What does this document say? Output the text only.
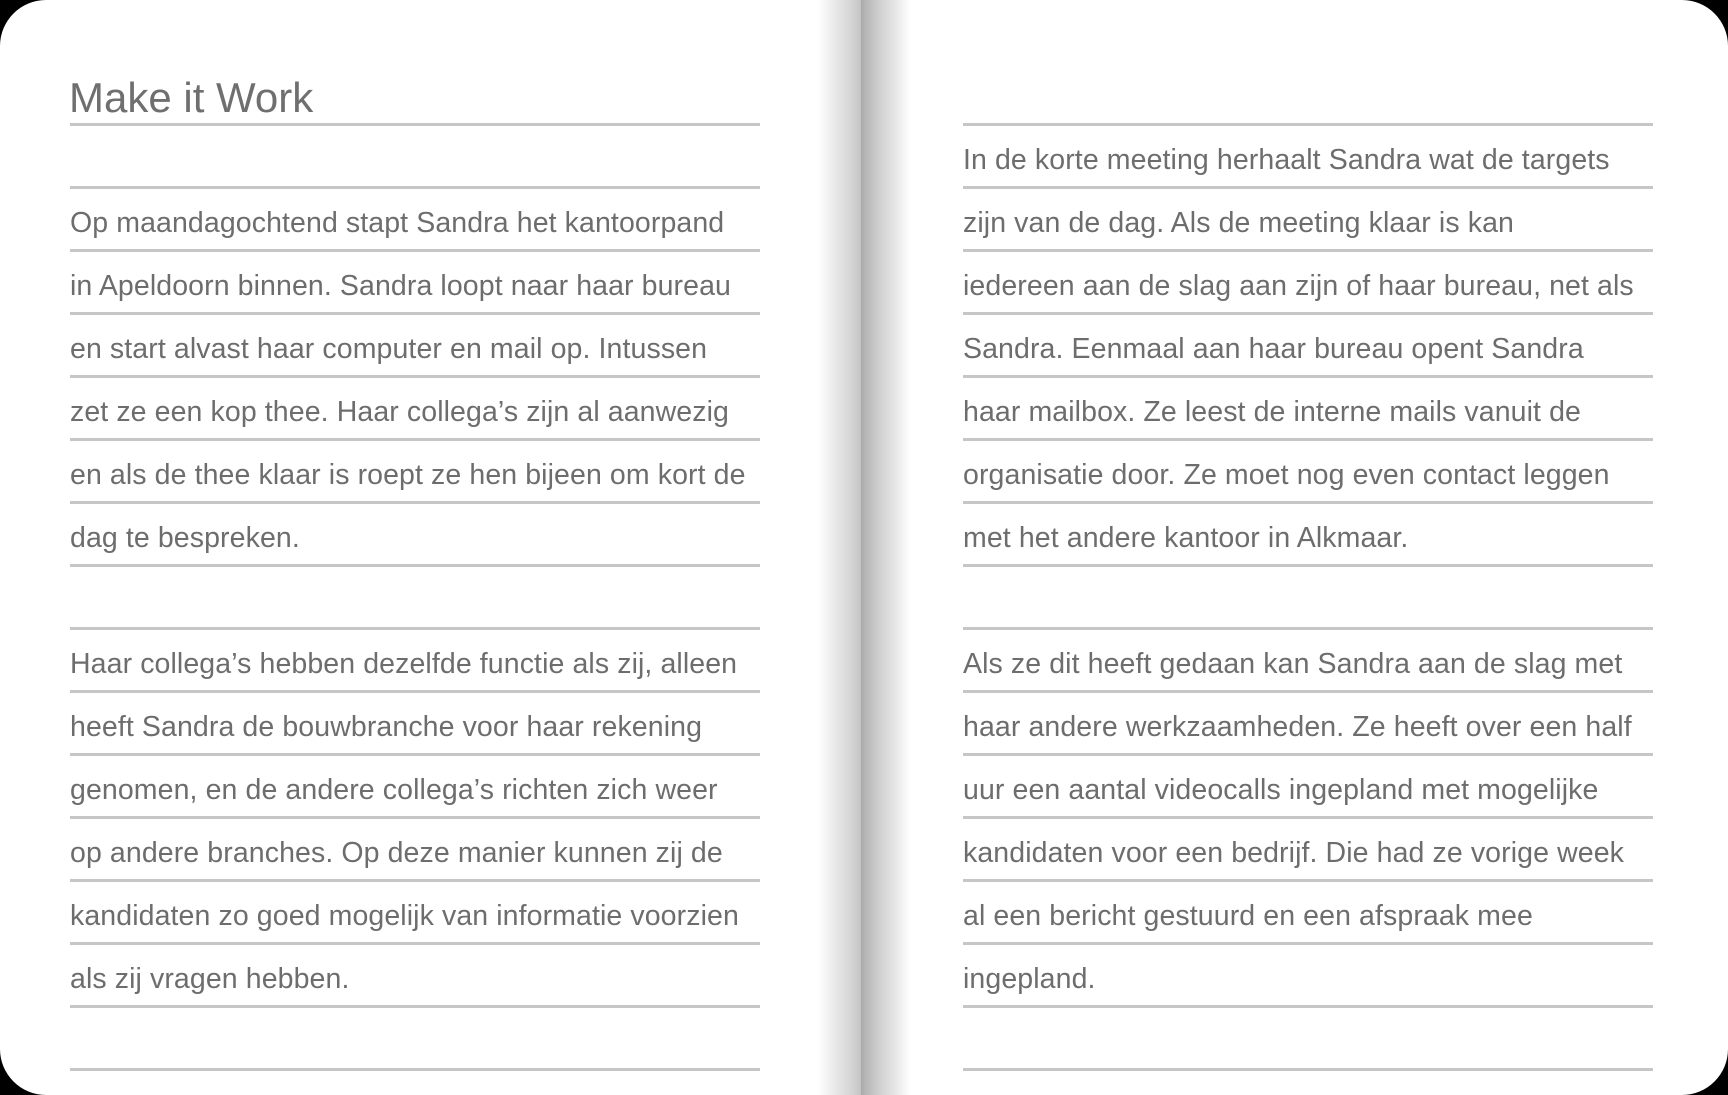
Make it Work
Op maandagochtend stapt Sandra het kantoorpand
in Apeldoorn binnen. Sandra loopt naar haar bureau
en start alvast haar computer en mail op. Intussen
zet ze een kop thee. Haar collega’s zijn al aanwezig
en als de thee klaar is roept ze hen bijeen om kort de
dag te bespreken.
Haar collega’s hebben dezelfde functie als zij, alleen
heeft Sandra de bouwbranche voor haar rekening
genomen, en de andere collega’s richten zich weer
op andere branches. Op deze manier kunnen zij de
kandidaten zo goed mogelijk van informatie voorzien
als zij vragen hebben.
In de korte meeting herhaalt Sandra wat de targets
zijn van de dag. Als de meeting klaar is kan
iedereen aan de slag aan zijn of haar bureau, net als
Sandra. Eenmaal aan haar bureau opent Sandra
haar mailbox. Ze leest de interne mails vanuit de
organisatie door. Ze moet nog even contact leggen
met het andere kantoor in Alkmaar.
Als ze dit heeft gedaan kan Sandra aan de slag met
haar andere werkzaamheden. Ze heeft over een half
uur een aantal videocalls ingepland met mogelijke
kandidaten voor een bedrijf. Die had ze vorige week
al een bericht gestuurd en een afspraak mee
ingepland.
